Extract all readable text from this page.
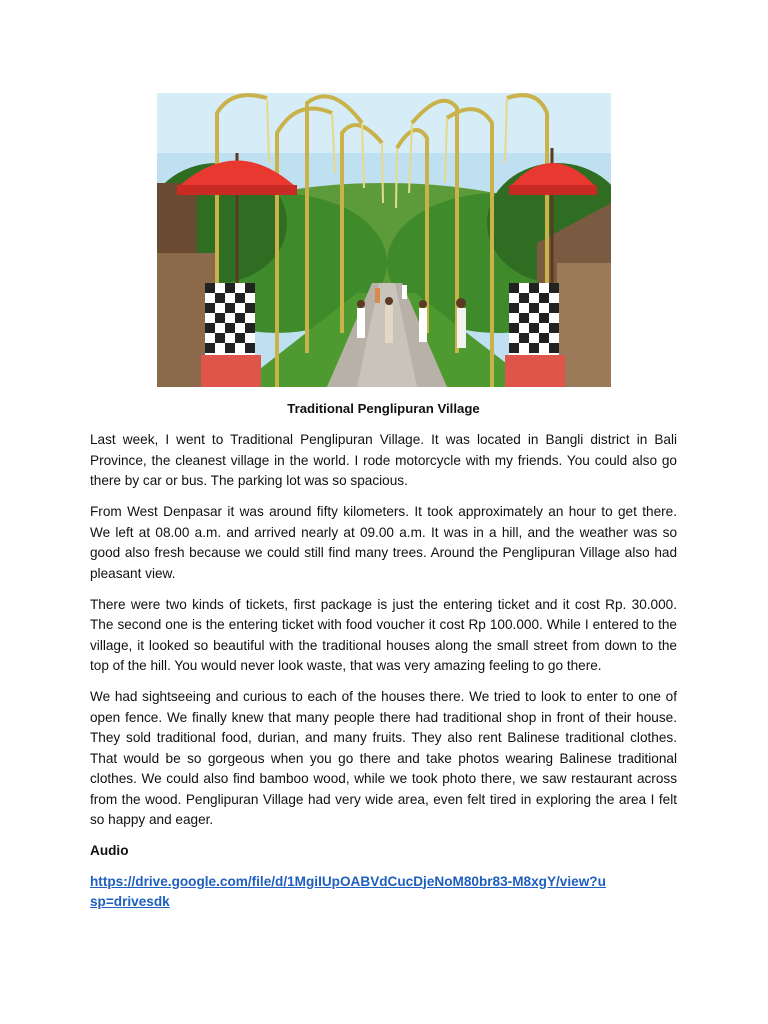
Traditional Penglipuran Village

Last week, I went to Traditional Penglipuran Village. It was located in Bangli district in Bali Province, the cleanest village in the world. I rode motorcycle with my friends. You could also go there by car or bus. The parking lot was so spacious.

From West Denpasar it was around fifty kilometers. It took approximately an hour to get there. We left at 08.00 a.m. and arrived nearly at 09.00 a.m. It was in a hill, and the weather was so good also fresh because we could still find many trees. Around the Penglipuran Village also had pleasant view.

There were two kinds of tickets, first package is just the entering ticket and it cost Rp. 30.000. The second one is the entering ticket with food voucher it cost Rp 100.000. While I entered to the village, it looked so beautiful with the traditional houses along the small street from down to the top of the hill. You would never look waste, that was very amazing feeling to go there.

We had sightseeing and curious to each of the houses there. We tried to look to enter to one of open fence. We finally knew that many people there had traditional shop in front of their house. They sold traditional food, durian, and many fruits. They also rent Balinese traditional clothes. That would be so gorgeous when you go there and take photos wearing Balinese traditional clothes. We could also find bamboo wood, while we took photo there, we saw restaurant across from the wood. Penglipuran Village had very wide area, even felt tired in exploring the area I felt so happy and eager.

Audio

https://drive.google.com/file/d/1MgiIUpOABVdCucDjeNoM80br83-M8xgY/view?usp=drivesdk
